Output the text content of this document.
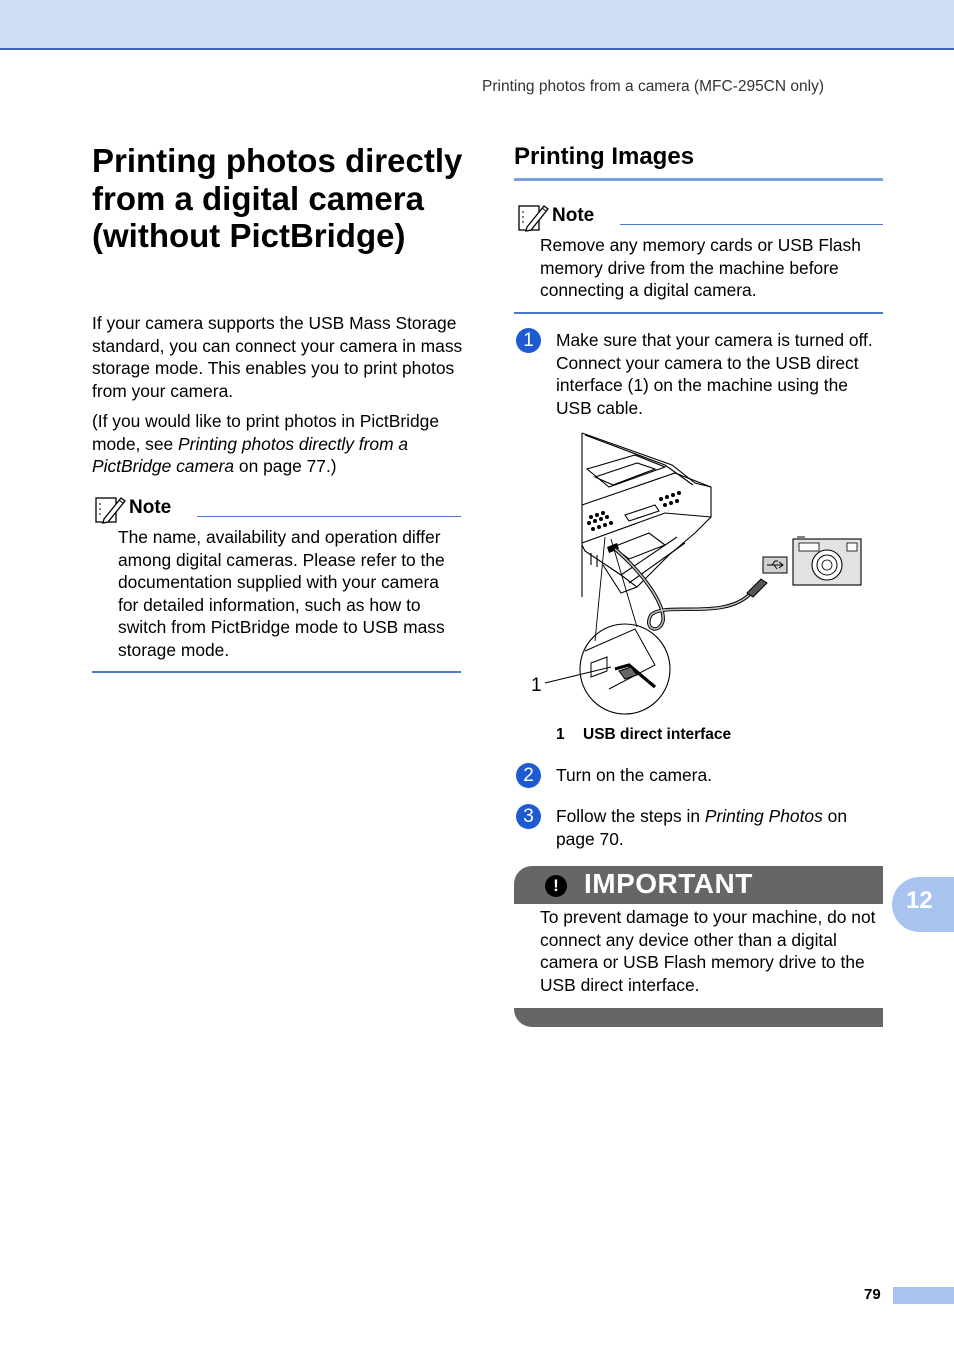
Printing photos from a camera (MFC-295CN only)
Printing photos directly from a digital camera (without PictBridge)

If your camera supports the USB Mass Storage standard, you can connect your camera in mass storage mode. This enables you to print photos from your camera.

(If you would like to print photos in PictBridge mode, see Printing photos directly from a PictBridge camera on page 77.)

Note

The name, availability and operation differ among digital cameras. Please refer to the documentation supplied with your camera for detailed information, such as how to switch from PictBridge mode to USB mass storage mode.

Printing Images
Note

Remove any memory cards or USB Flash memory drive from the machine before connecting a digital camera.

1	Make sure that your camera is turned off. Connect your camera to the USB direct interface (1) on the machine using the USB cable.

1
1 USB direct interface
2	Turn on the camera.

3	Follow the steps in Printing Photos on page 70.

! IMPORTANT

To prevent damage to your machine, do not connect any device other than a digital camera or USB Flash memory drive to the USB direct interface.

12
79
